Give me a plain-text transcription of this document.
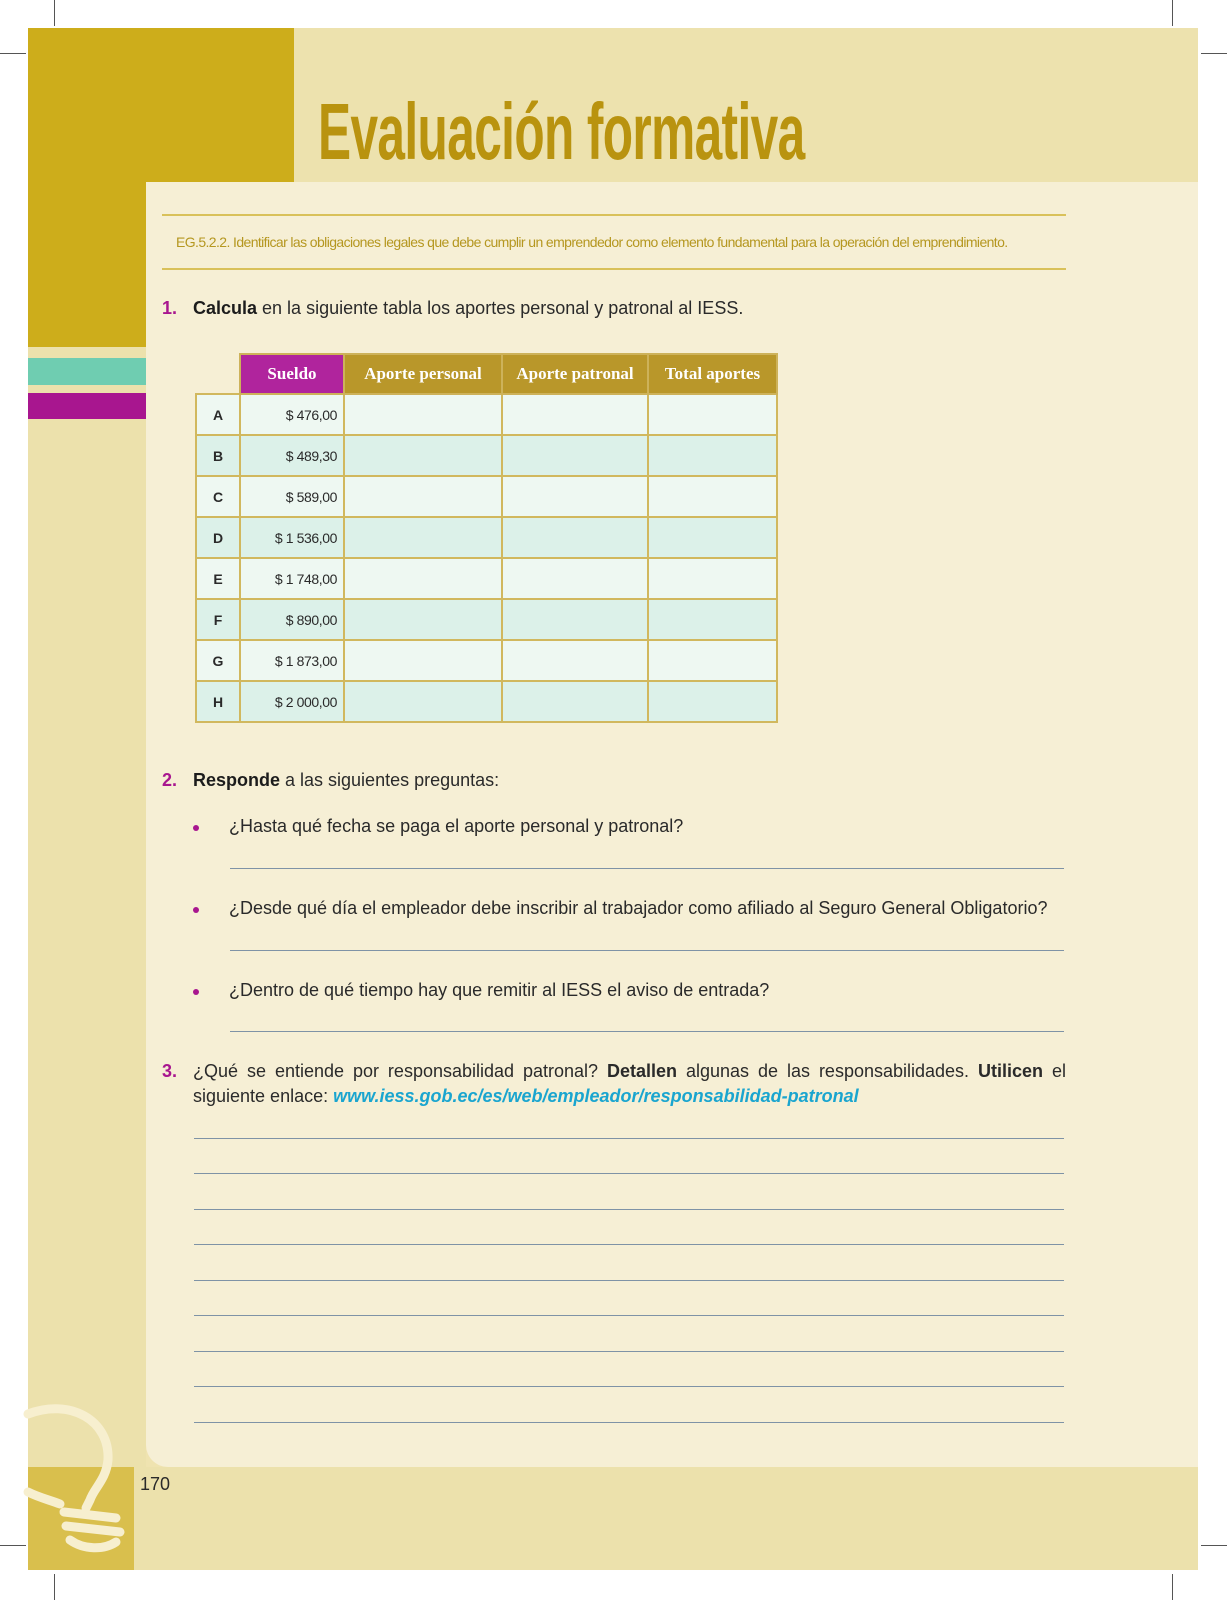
Evaluación formativa
170
EG.5.2.2. Identificar las obligaciones legales que debe cumplir un emprendedor como elemento fundamental para la operación del emprendimiento.
1. Calcula en la siguiente tabla los aportes personal y patronal al IESS.
	Sueldo	Aporte personal	Aporte patronal	Total aportes
A	$ 476,00			
B	$ 489,30			
C	$ 589,00			
D	$ 1 536,00			
E	$ 1 748,00			
F	$ 890,00			
G	$ 1 873,00			
H	$ 2 000,00			
2. Responde a las siguientes preguntas:
¿Hasta qué fecha se paga el aporte personal y patronal?
¿Desde qué día el empleador debe inscribir al trabajador como afiliado al Seguro General Obligatorio?
¿Dentro de qué tiempo hay que remitir al IESS el aviso de entrada?
3. ¿Qué se entiende por responsabilidad patronal? Detallen algunas de las responsabilidades. Utilicen el siguiente enlace: www.iess.gob.ec/es/web/empleador/responsabilidad-patronal
